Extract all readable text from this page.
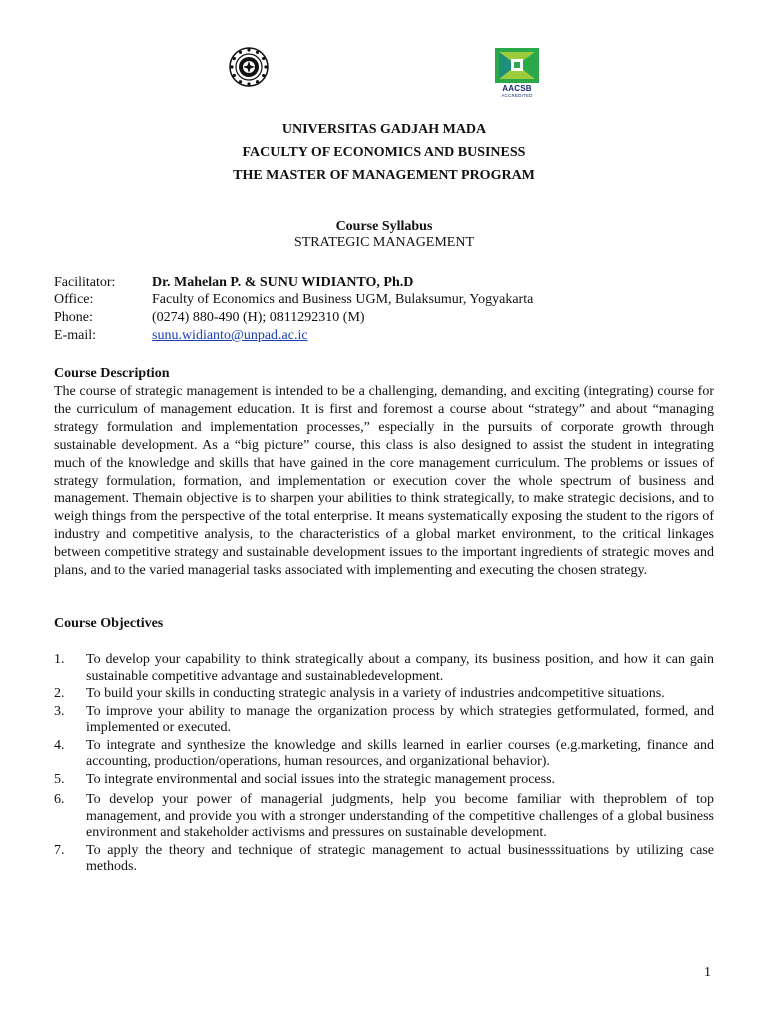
AACSB
ACCREDITED
UNIVERSITAS GADJAH MADA
FACULTY OF ECONOMICS AND BUSINESS
THE MASTER OF MANAGEMENT PROGRAM
Course Syllabus
STRATEGIC MANAGEMENT
Facilitator:	Dr. Mahelan P. & SUNU WIDIANTO, Ph.D
Office:	Faculty of Economics and Business UGM, Bulaksumur, Yogyakarta
Phone:	(0274) 880-490 (H); 0811292310 (M)
E-mail:	sunu.widianto@unpad.ac.ic
Course Description
The course of strategic management is intended to be a challenging, demanding, and exciting (integrating) course for the curriculum of management education. It is first and foremost a course about “strategy” and about “managing strategy formulation and implementation processes,” especially in the pursuits of corporate growth through sustainable development. As a “big picture” course, this class is also designed to assist the student in integrating much of the knowledge and skills that have gained in the core management curriculum. The problems or issues of strategy formulation, formation, and implementation or execution cover the whole spectrum of business and management. Themain objective is to sharpen your abilities to think strategically, to make strategic decisions, and to weigh things from the perspective of the total enterprise. It means systematically exposing the student to the rigors of industry and competitive analysis, to the characteristics of a global market environment, to the critical linkages between competitive strategy and sustainable development issues to the important ingredients of strategic moves and plans, and to the varied managerial tasks associated with implementing and executing the chosen strategy.
Course Objectives
1. To develop your capability to think strategically about a company, its business position, and how it can gain sustainable competitive advantage and sustainabledevelopment.
2. To build your skills in conducting strategic analysis in a variety of industries andcompetitive situations.
3. To improve your ability to manage the organization process by which strategies getformulated, formed, and implemented or executed.
4. To integrate and synthesize the knowledge and skills learned in earlier courses (e.g.marketing, finance and accounting, production/operations, human resources, and organizational behavior).
5. To integrate environmental and social issues into the strategic management process.
6. To develop your power of managerial judgments, help you become familiar with theproblem of top management, and provide you with a stronger understanding of the competitive challenges of a global business environment and stakeholder activisms and pressures on sustainable development.
7. To apply the theory and technique of strategic management to actual businesssituations by utilizing case methods.
1
